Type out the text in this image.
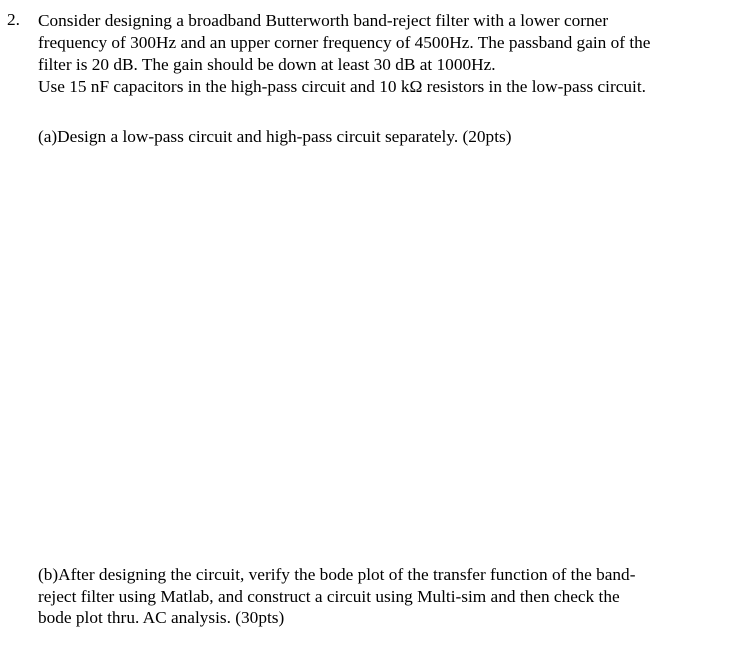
2.	Consider designing a broadband Butterworth band-reject filter with a lower corner
frequency of 300Hz and an upper corner frequency of 4500Hz. The passband gain of the
filter is 20 dB. The gain should be down at least 30 dB at 1000Hz.
Use 15 nF capacitors in the high-pass circuit and 10 kΩ resistors in the low-pass circuit.
(a)Design a low-pass circuit and high-pass circuit separately. (20pts)
(b)After designing the circuit, verify the bode plot of the transfer function of the band-
reject filter using Matlab, and construct a circuit using Multi-sim and then check the
bode plot thru. AC analysis. (30pts)
